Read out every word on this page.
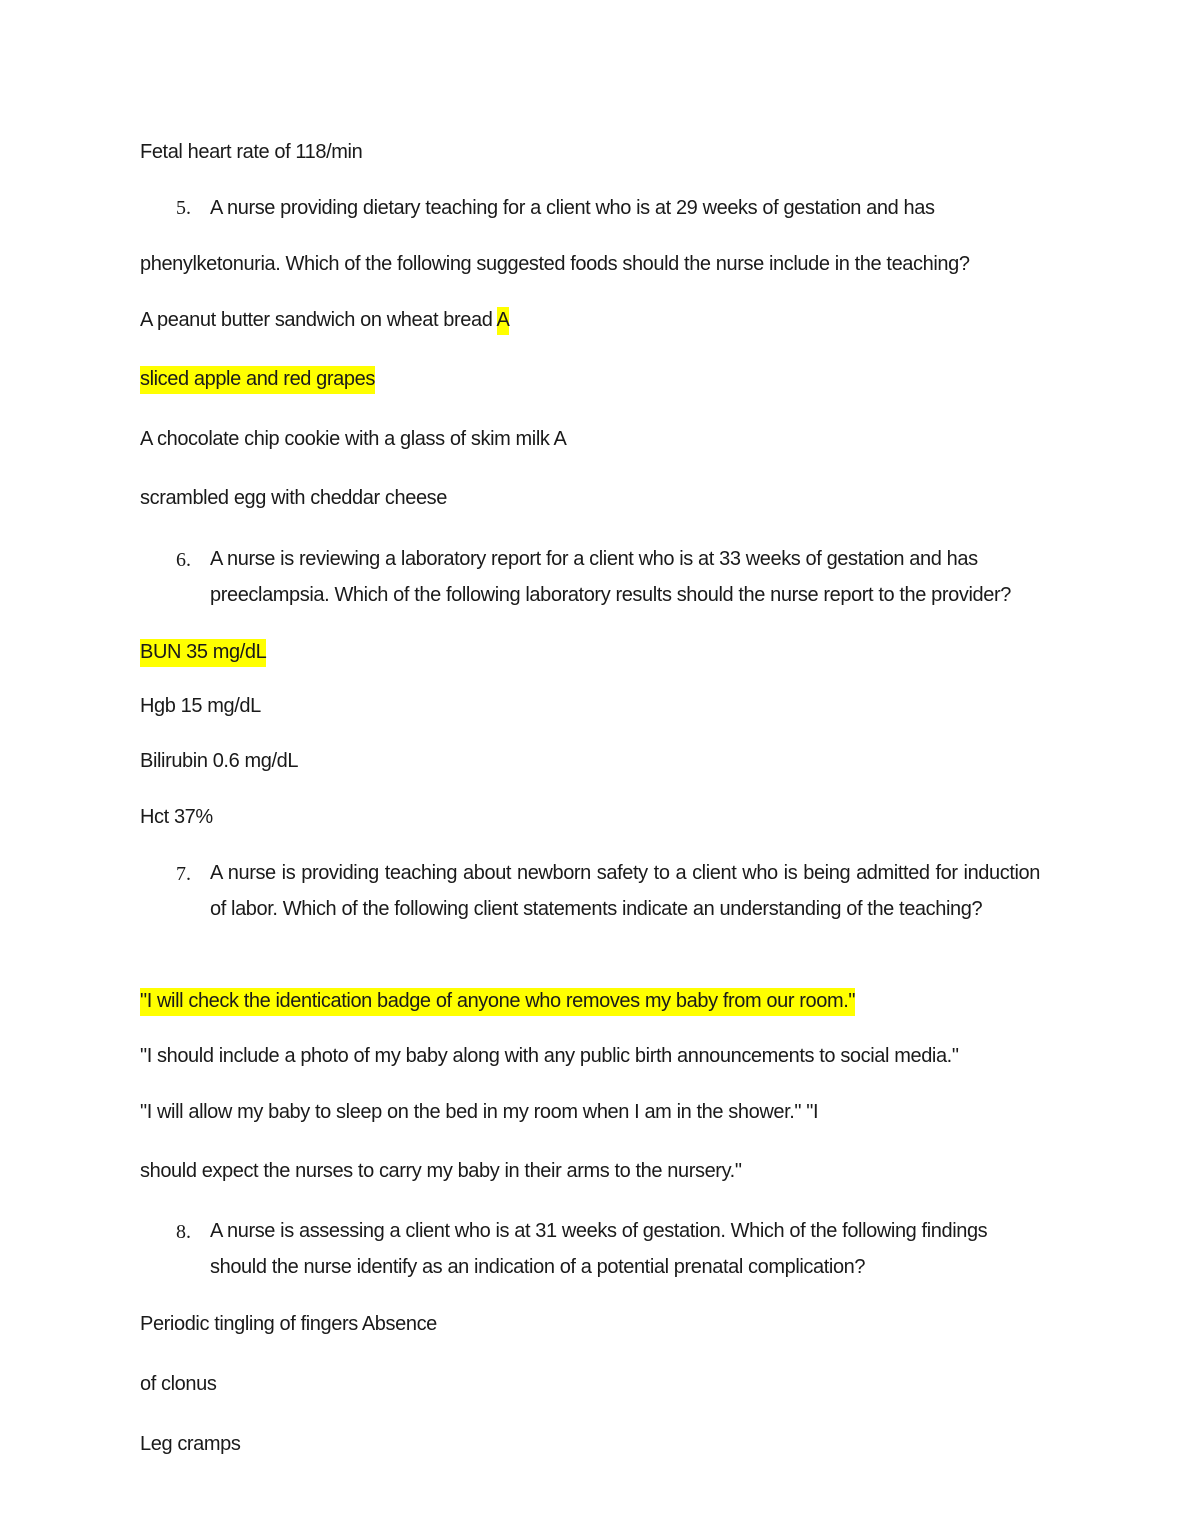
Fetal heart rate of 118/min
5. A nurse providing dietary teaching for a client who is at 29 weeks of gestation and has
phenylketonuria. Which of the following suggested foods should the nurse include in the teaching?
A peanut butter sandwich on wheat bread A
sliced apple and red grapes
A chocolate chip cookie with a glass of skim milk A
scrambled egg with cheddar cheese
6. A nurse is reviewing a laboratory report for a client who is at 33 weeks of gestation and has preeclampsia. Which of the following laboratory results should the nurse report to the provider?
BUN 35 mg/dL
Hgb 15 mg/dL
Bilirubin 0.6 mg/dL
Hct 37%
7. A nurse is providing teaching about newborn safety to a client who is being admitted for induction of labor. Which of the following client statements indicate an understanding of the teaching?
"I will check the identication badge of anyone who removes my baby from our room."
"I should include a photo of my baby along with any public birth announcements to social media."
"I will allow my baby to sleep on the bed in my room when I am in the shower." "I
should expect the nurses to carry my baby in their arms to the nursery."
8. A nurse is assessing a client who is at 31 weeks of gestation. Which of the following findings should the nurse identify as an indication of a potential prenatal complication?
Periodic tingling of fingers Absence
of clonus
Leg cramps
